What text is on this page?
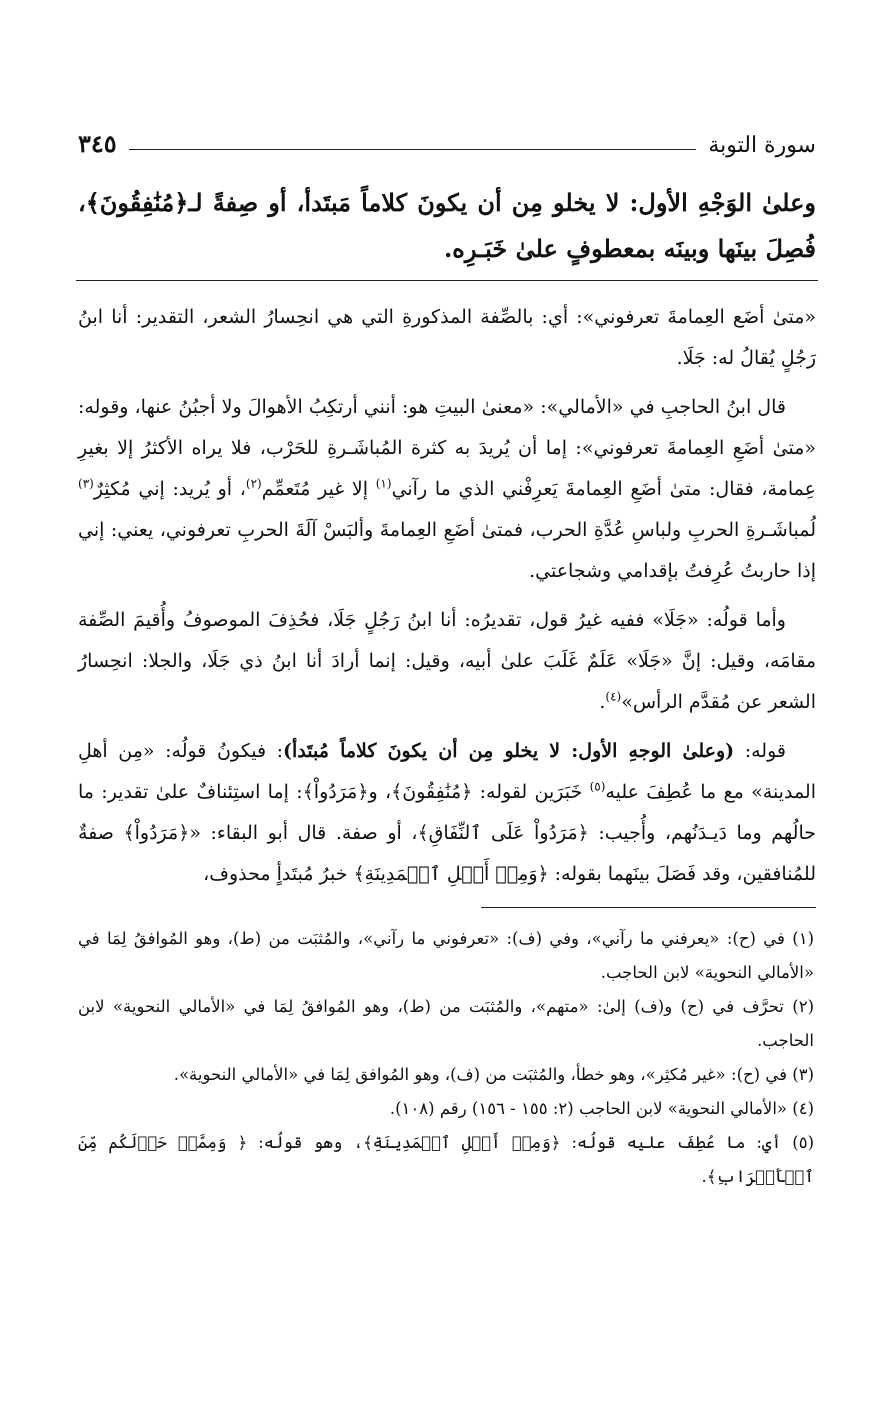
سورة التوبة
٣٤٥
وعلىٰ الوَجْهِ الأول: لا يخلو مِن أن يكونَ كلاماً مَبتَدأ، أو صِفةً لـ﴿مُنَٰفِقُونَ﴾، فُصِلَ بينَها وبينَه بمعطوفٍ علىٰ خَبَـرِه.

«متىٰ أضَع العِمامةَ تعرفوني»: أي: بالصِّفة المذكورةِ التي هي انحِسارُ الشعر، التقدير: أنا ابنُ رَجُلٍ يُقالُ له: جَلَا.

قال ابنُ الحاجبِ في «الأمالي»: «معنىٰ البيتِ هو: أنني أرتكِبُ الأهوالَ ولا أجبُنُ عنها، وقوله: «متىٰ أضَعِ العِمامةَ تعرفوني»: إما أن يُريدَ به كثرة المُباشَـرةِ للحَرْب، فلا يراه الأكثرُ إلا بغيرِ عِمامة، فقال: متىٰ أضَعِ العِمامةَ يَعرِفْني الذي ما رآني$^{(١)}$ إلا غير مُتَعمِّم$^{(٢)}$، أو يُريد: إني مُكثِرٌ$^{(٣)}$ لُمباشَـرةِ الحربِ ولباسِ عُدَّةِ الحرب، فمتىٰ أضَعِ العِمامةَ وألبَسْ آلَةَ الحربِ تعرفوني، يعني: إني إذا حاربتُ عُرِفتُ بإقدامي وشجاعتي.

وأما قولُه: «جَلَا» ففيه غيرُ قول، تقديرُه: أنا ابنُ رَجُلٍ جَلَا، فحُذِفَ الموصوفُ وأُقيمَ الصِّفة مقامَه، وقيل: إنَّ «جَلَا» عَلَمٌ غَلَبَ علىٰ أبيه، وقيل: إنما أرادَ أنا ابنُ ذي جَلَا، والجلا: انحِسارُ الشعر عن مُقدَّم الرأس»$^{(٤)}$.

قوله: (وعلىٰ الوجهِ الأول: لا يخلو مِن أن يكونَ كلاماً مُبتَدأ): فيكونُ قولُه: «مِن أهلِ المدينة» مع ما عُطِفَ عليه$^{(٥)}$ خَبَرَين لقوله: ﴿مُنَٰفِقُونَ﴾، و﴿مَرَدُواْ﴾: إما استِئنافٌ علىٰ تقدير: ما حالُهم وما دَيـدَنُهم، وأُجيب: ﴿مَرَدُواْ عَلَى ٱلنِّفَاقِ﴾، أو صفة. قال أبو البقاء: «﴿مَرَدُواْ﴾ صفةٌ للمُنافقين، وقد فَصَلَ بينَهما بقوله: ﴿وَمِنۡ أَهۡلِ ٱلۡمَدِينَةِ﴾ خبرُ مُبتَدأٍ محذوف،

(١) في (ح): «يعرفني ما رآني»، وفي (ف): «تعرفوني ما رآني»، والمُثبَت من (ط)، وهو المُوافقُ لِمَا في «الأمالي النحوية» لابن الحاجب.

(٢) تحرَّف في (ح) و(ف) إلىٰ: «متهم»، والمُثبَت من (ط)، وهو المُوافقُ لِمَا في «الأمالي النحوية» لابن الحاجب.

(٣) في (ح): «غير مُكثِر»، وهو خطأ، والمُثبَت من (ف)، وهو المُوافق لِمَا في «الأمالي النحوية».

(٤) «الأمالي النحوية» لابن الحاجب (٢: ١٥٥ - ١٥٦) رقم (١٠٨).

(٥) أي: ما عُطِفَ عليه قولُه: ﴿وَمِنۡ أَهۡلِ ٱلۡمَدِينَةِ﴾، وهو قولُه: ﴿ وَمِمَّنۡ حَوۡلَكُم مِّنَ ٱلۡأَعۡرَابِ﴾.
